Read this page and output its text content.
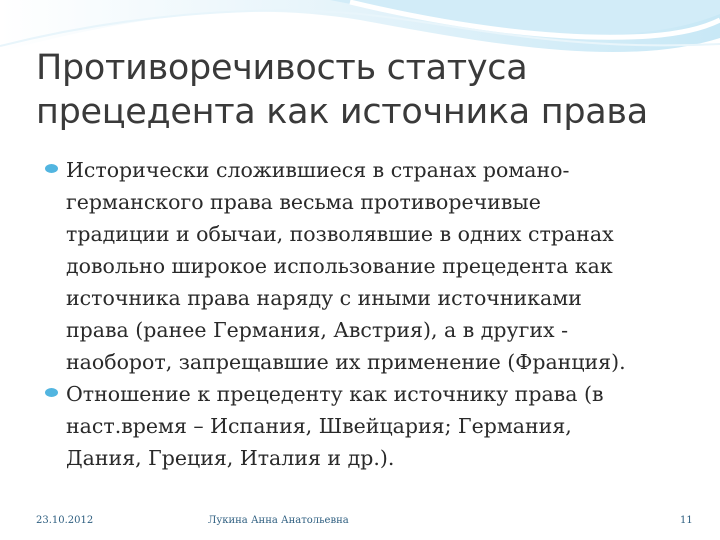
Противоречивость статуса
прецедента как источника права
Исторически сложившиеся в странах романо-
германского права весьма противоречивые
традиции и обычаи, позволявшие в одних странах
довольно широкое использование прецедента как
источника права наряду с иными источниками
права (ранее Германия, Австрия), а в других -
наоборот, запрещавшие их применение (Франция).
Отношение к прецеденту как источнику права (в
наст.время – Испания, Швейцария; Германия,
Дания, Греция, Италия и др.).
23.10.2012	Лукина Анна Анатольевна	11
